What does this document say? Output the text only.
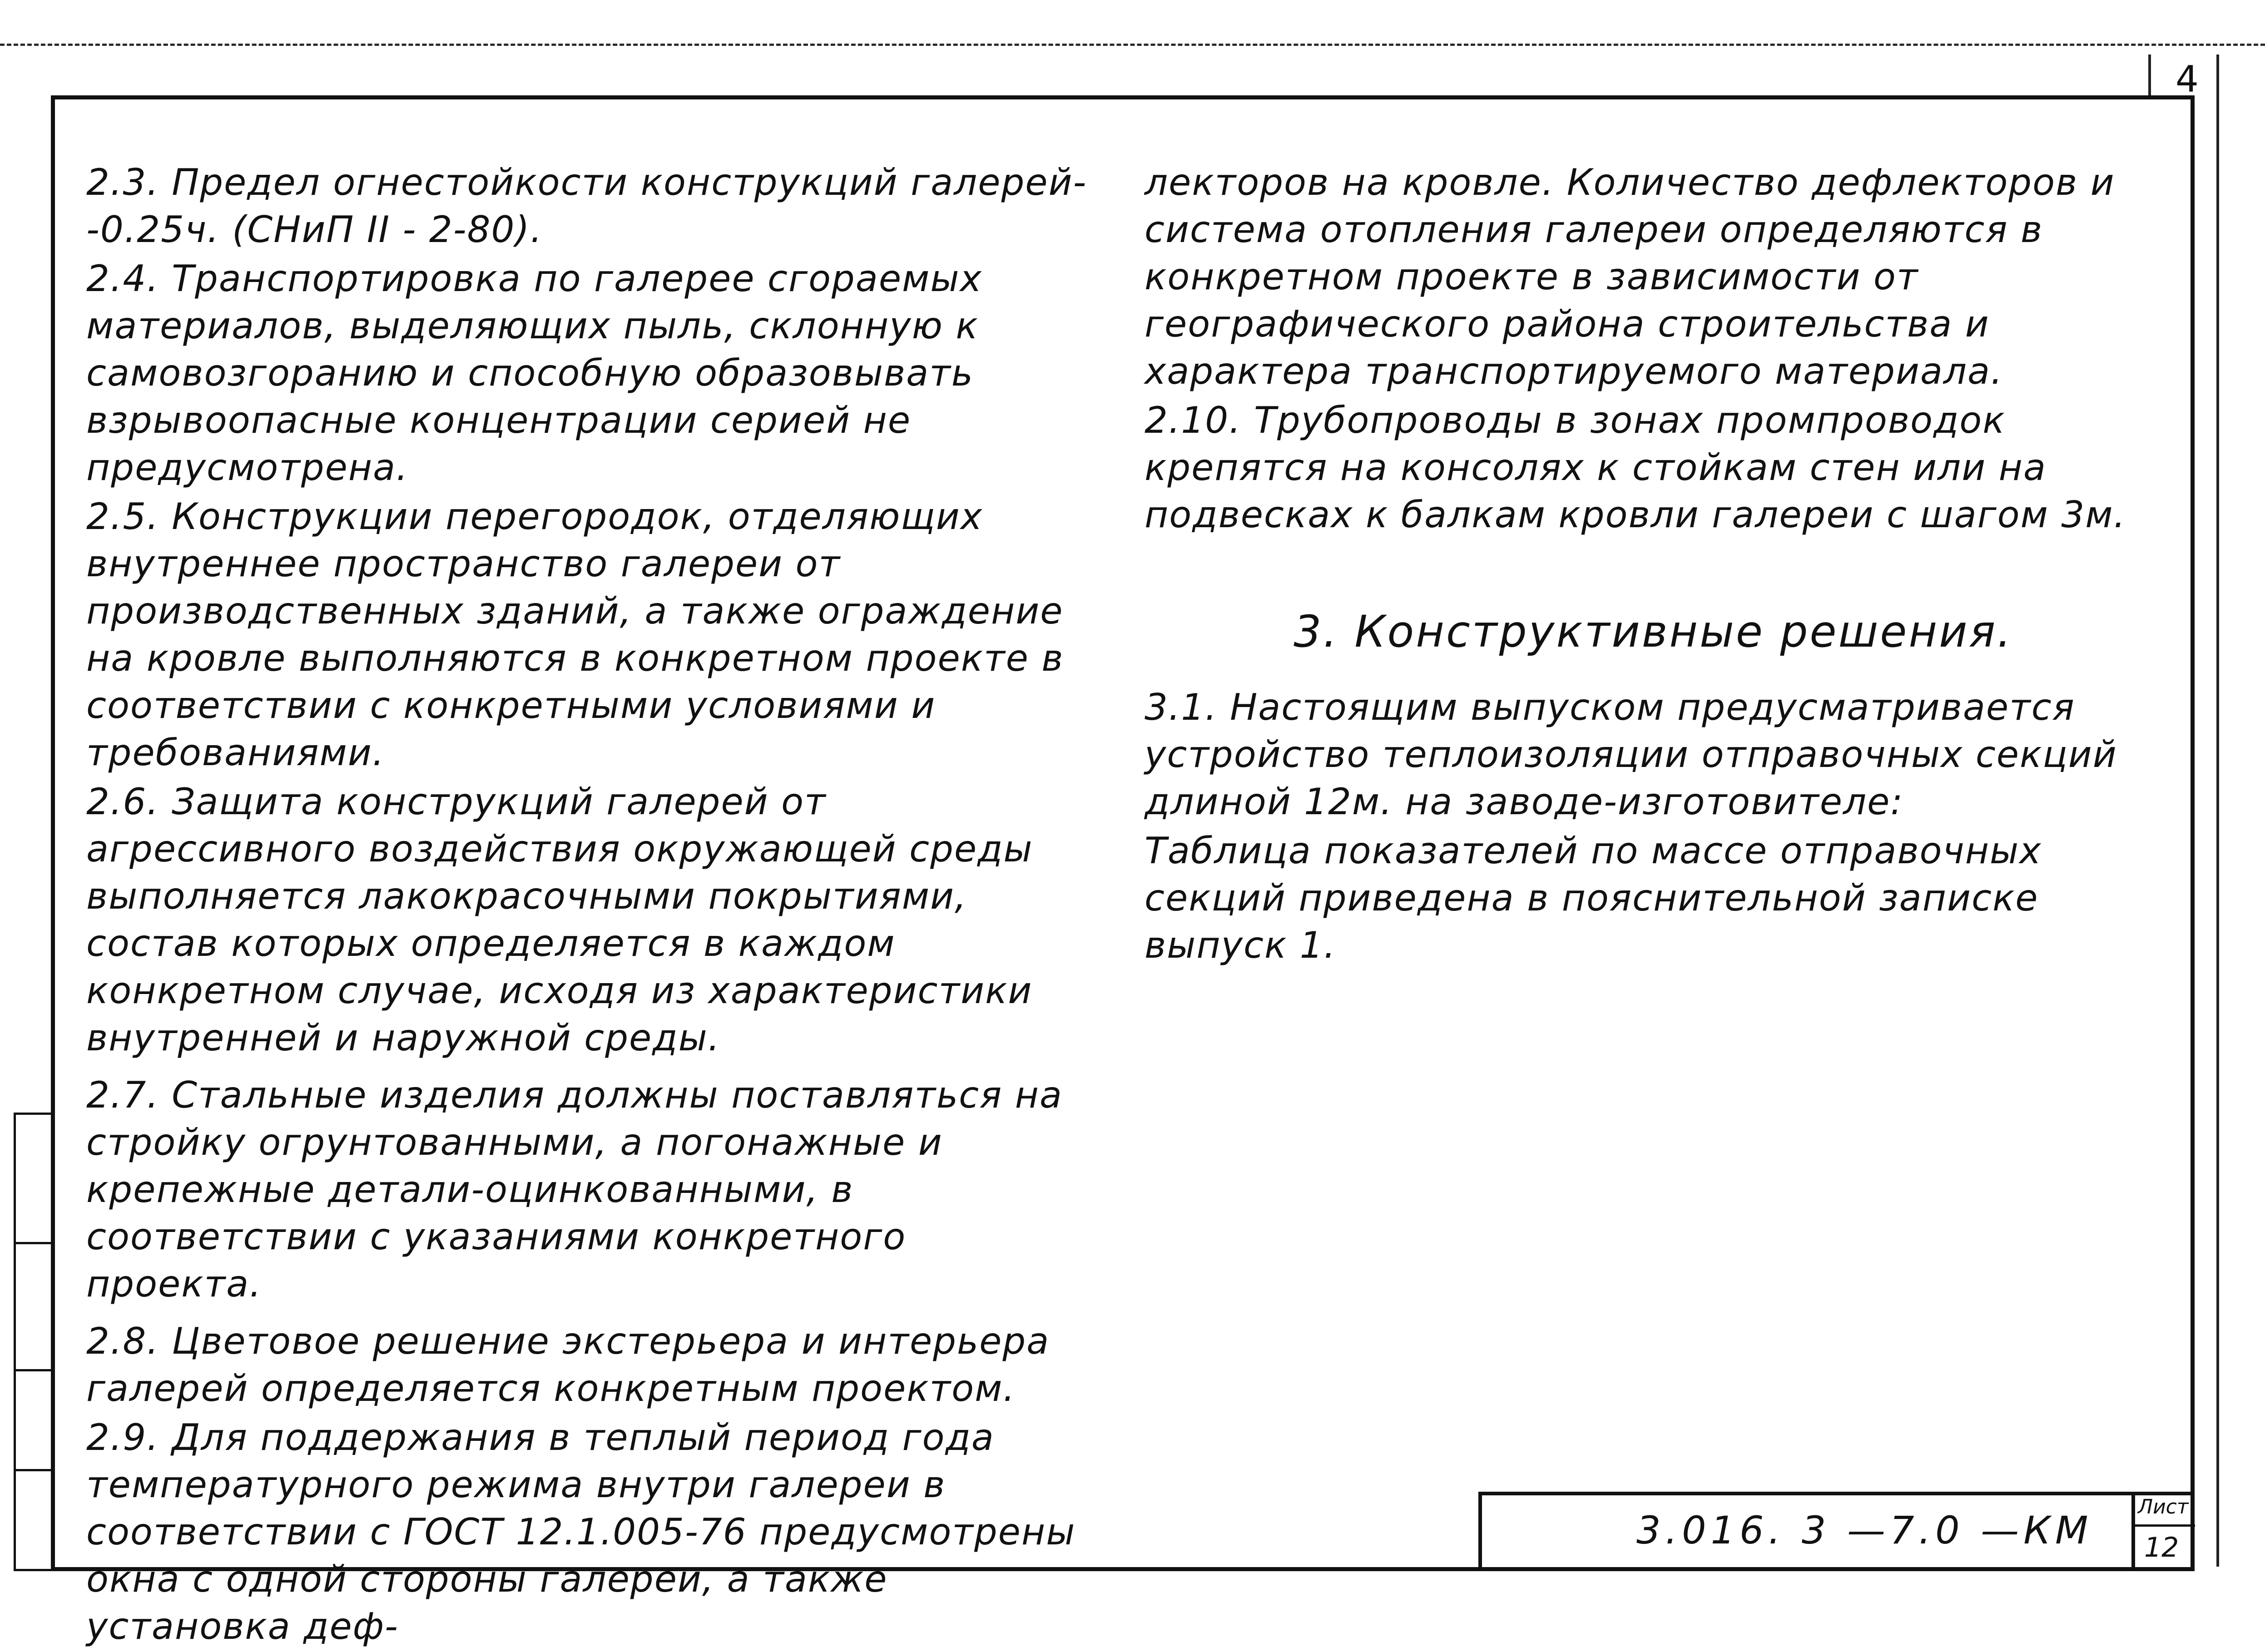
4

2.3. Предел огнестойкости конструкций галерей-
-0.25ч. (СНиП II - 2-80).

2.4. Транспортировка по галерее сгораемых материалов, выделяющих пыль, склонную к самовозгоранию и способную образовывать взрывоопасные концентрации серией не предусмотрена.

2.5. Конструкции перегородок, отделяющих внутреннее пространство галереи от производственных зданий, а также ограждение на кровле выполняются в конкретном проекте в соответствии с конкретными условиями и требованиями.

2.6. Защита конструкций галерей от агрессивного воздействия окружающей среды выполняется лакокрасочными покрытиями, состав которых определяется в каждом конкретном случае, исходя из характеристики внутренней и наружной среды.

2.7. Стальные изделия должны поставляться на стройку огрунтованными, а погонажные и крепежные детали-оцинкованными, в соответствии с указаниями конкретного проекта.

2.8. Цветовое решение экстерьера и интерьера галерей определяется конкретным проектом.

2.9. Для поддержания в теплый период года температурного режима внутри галереи в соответствии с ГОСТ 12.1.005-76 предусмотрены окна с одной стороны галереи, а также установка деф-

лекторов на кровле. Количество дефлекторов и система отопления галереи определяются в конкретном проекте в зависимости от географического района строительства и характера транспортируемого материала.

2.10. Трубопроводы в зонах промпроводок крепятся на консолях к стойкам стен или на подвесках к балкам кровли галереи с шагом 3м.

3. Конструктивные решения.

3.1. Настоящим выпуском предусматривается устройство теплоизоляции отправочных секций длиной 12м. на заводе-изготовителе:

Таблица показателей по массе отправочных секций приведена в пояснительной записке выпуск 1.

3.016. 3 —7.0 —КМ
Лист
12
